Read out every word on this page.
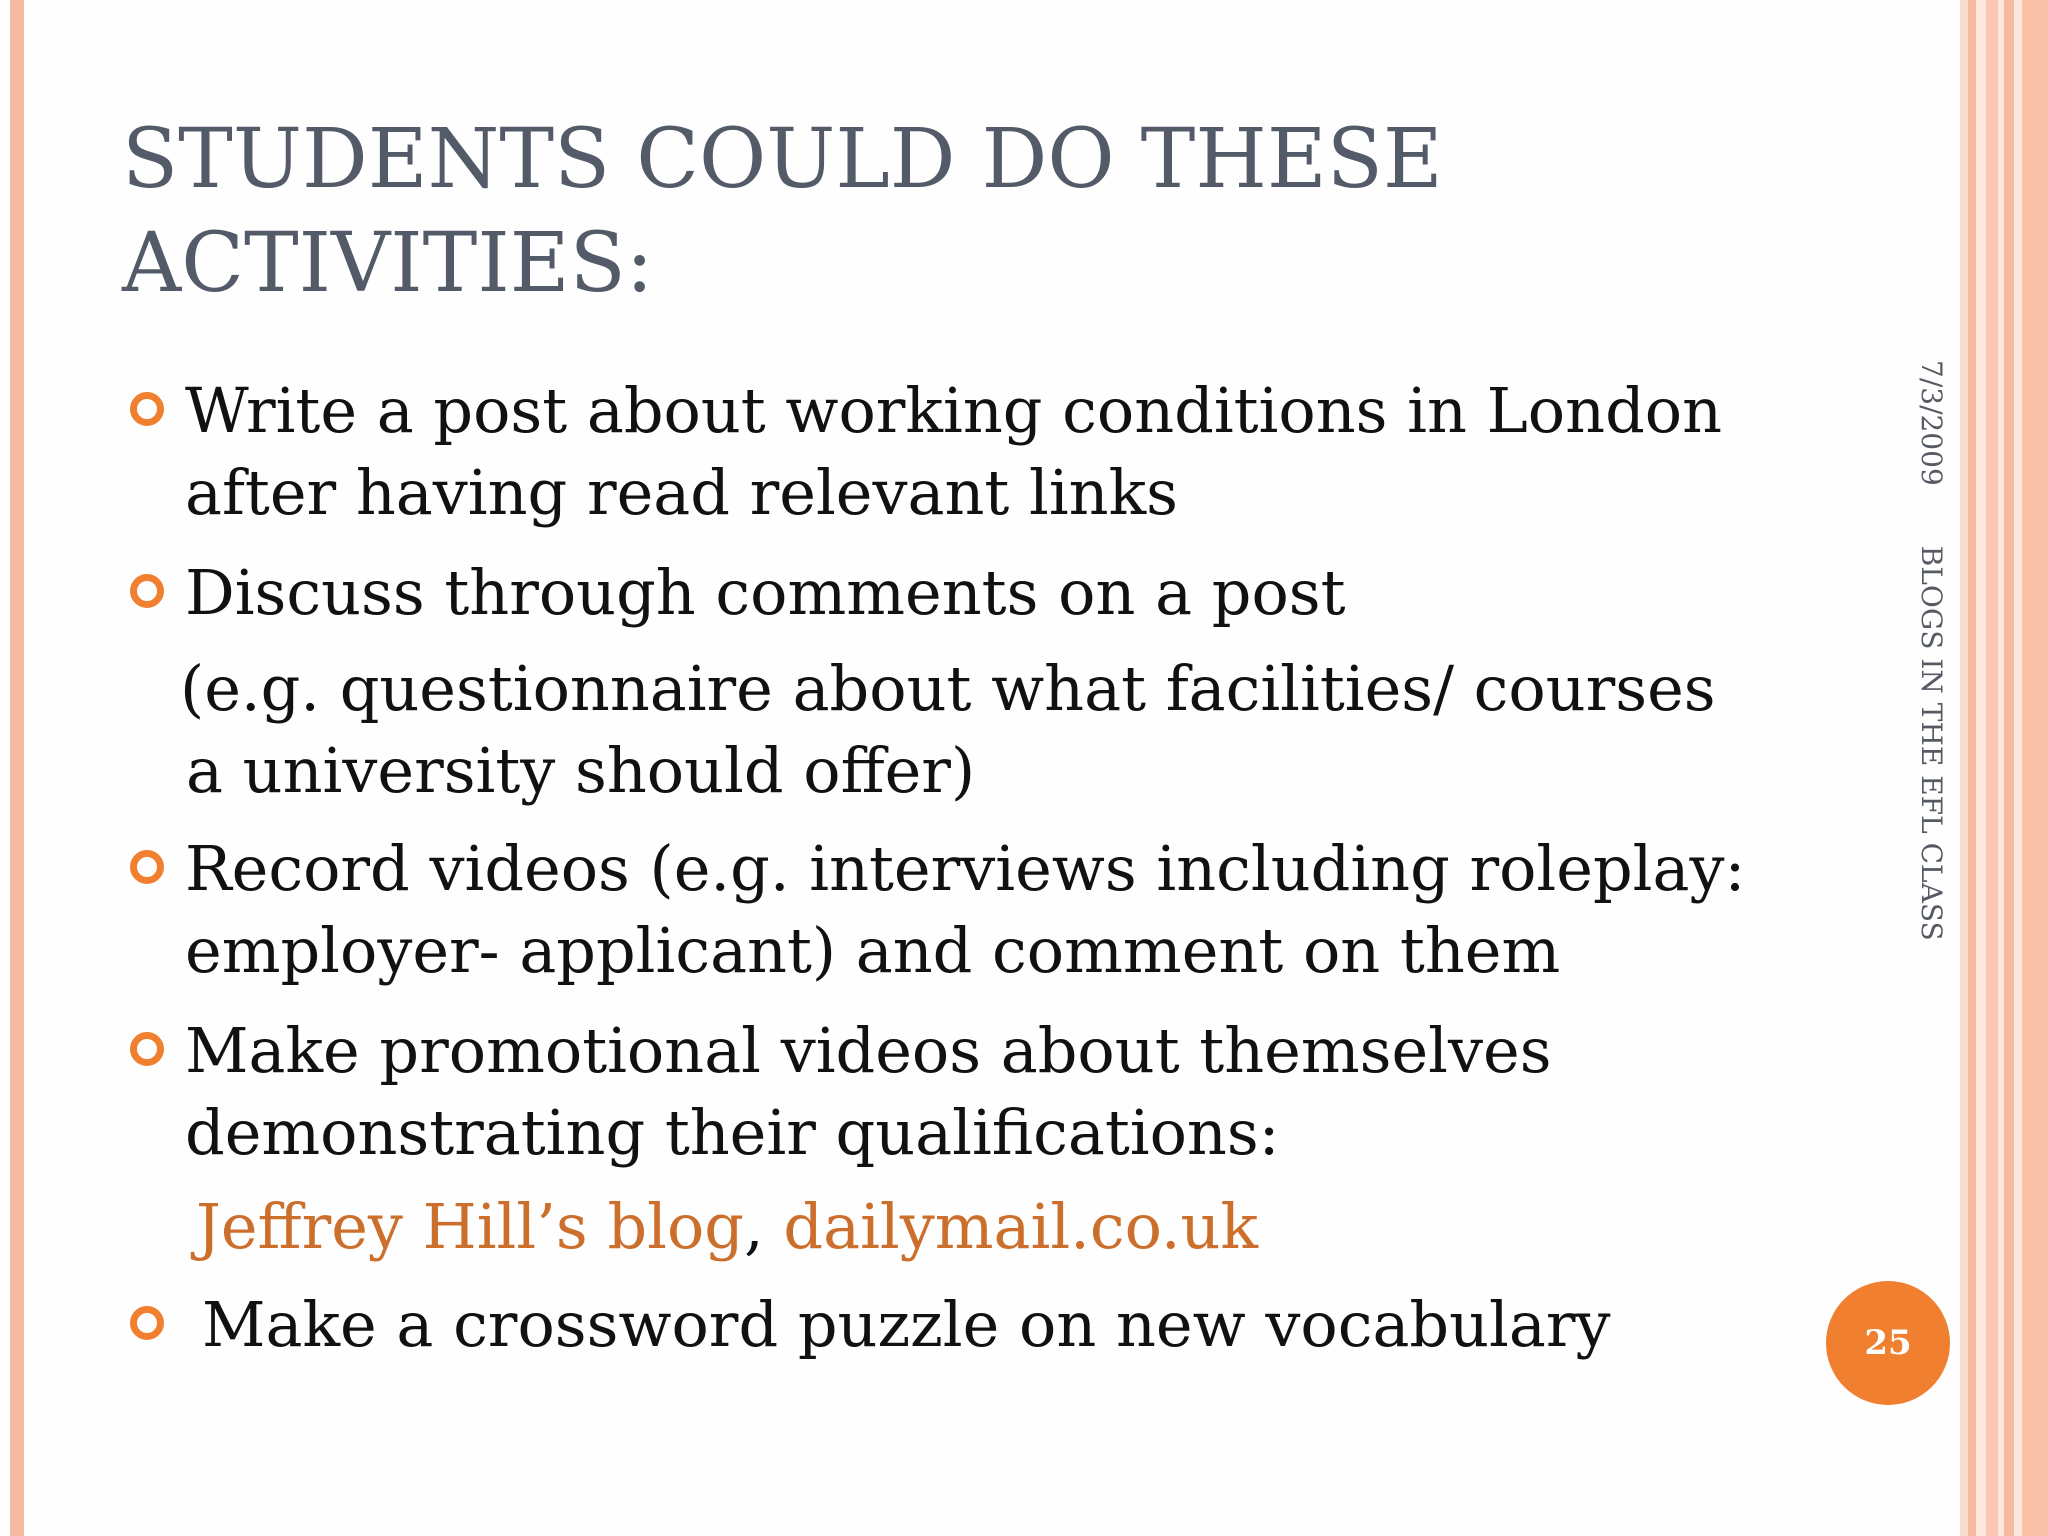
STUDENTS COULD DO THESE ACTIVITIES:
Write a post about working conditions in London
after having read relevant links
Discuss through comments on a post
(e.g. questionnaire about what facilities/ courses
a university should offer)
Record videos (e.g. interviews including roleplay:
employer- applicant) and comment on them
Make promotional videos about themselves
demonstrating their qualifications:
Jeffrey Hill’s blog, dailymail.co.uk
Make a crossword puzzle on new vocabulary
7/3/2009
BLOGS IN THE EFL CLASS
25
